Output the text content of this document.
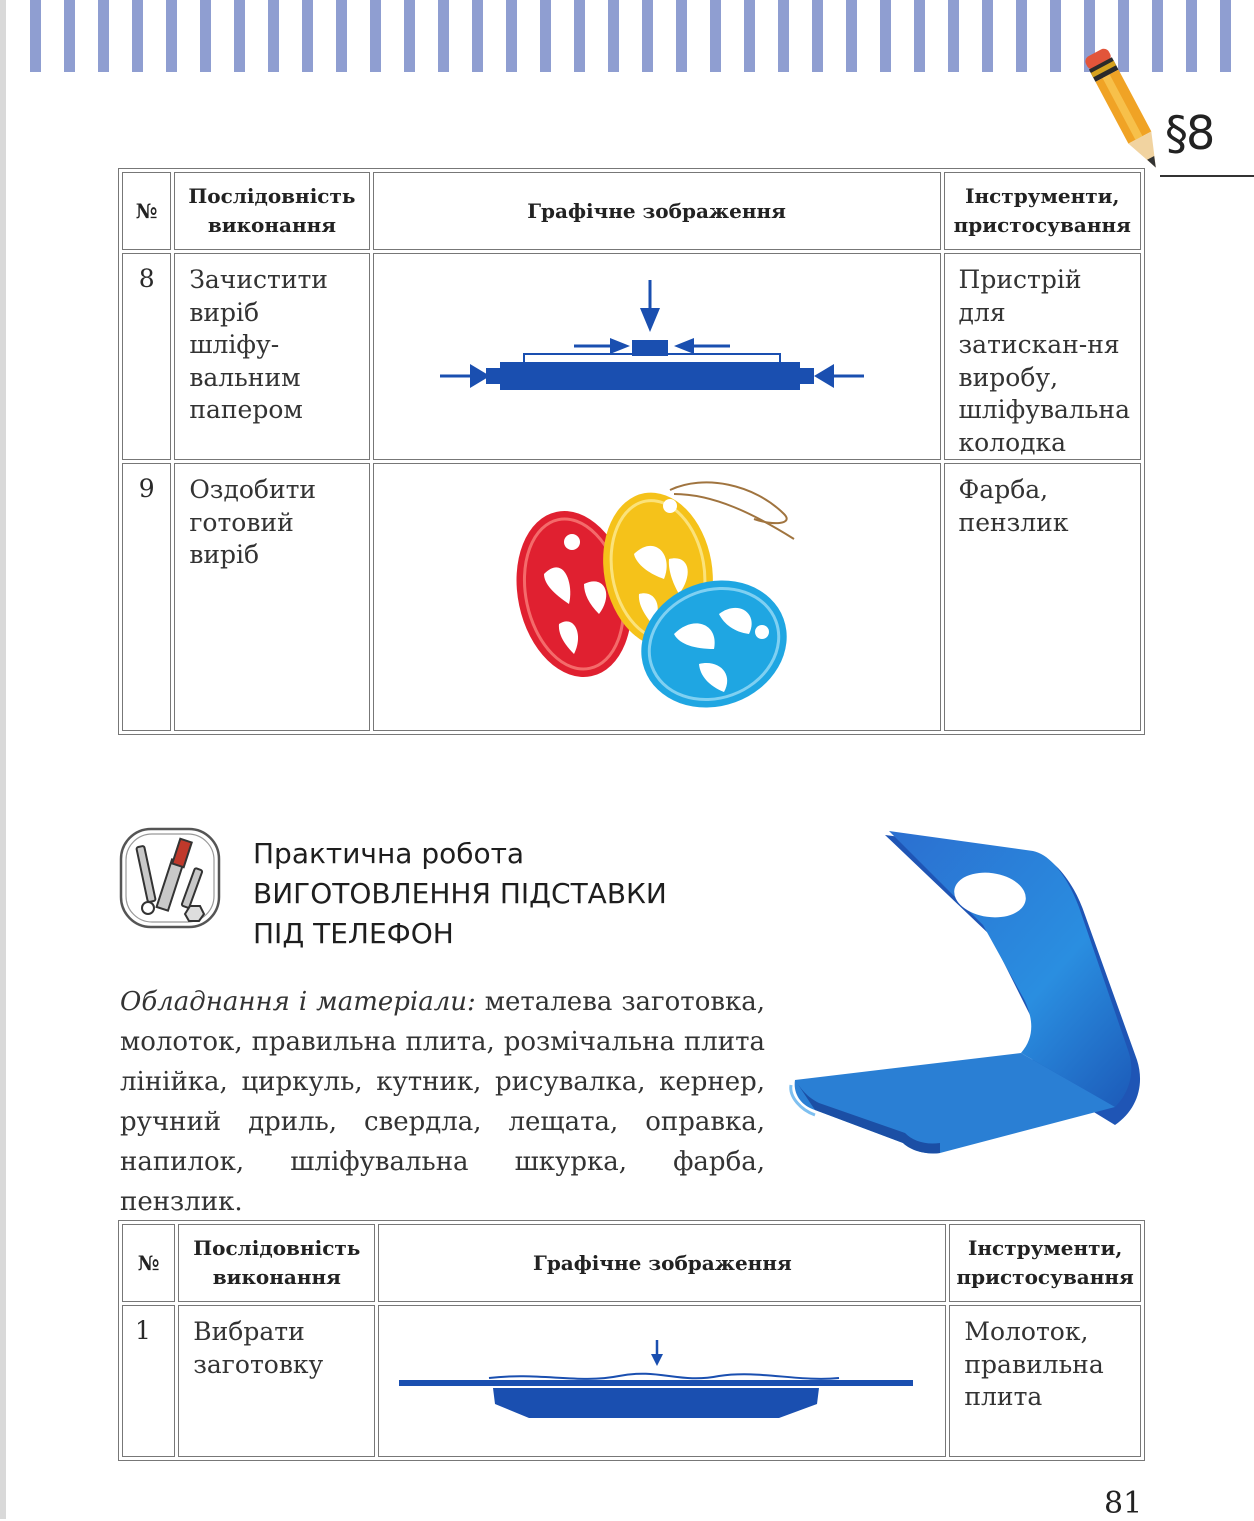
§8
№	Послідовність виконання	Графічне зображення	Інструменти, пристосування
8	Зачистити виріб шліфу-вальним папером		Пристрій для затискан-ня виробу, шліфувальна колодка
9	Оздобити готовий виріб		Фарба, пензлик
Практична робота
ВИГОТОВЛЕННЯ ПІДСТАВКИ
ПІД ТЕЛЕФОН
Обладнання і матеріали: металева заготовка, молоток, правильна плита, розмічальна плита лінійка, циркуль, кутник, рисувалка, кернер, ручний дриль, свердла, лещата, оправка, напилок, шліфувальна шкурка, фарба, пензлик.
№	Послідовність виконання	Графічне зображення	Інструменти, пристосування
1	Вибрати заготовку		Молоток, правильна плита
81
